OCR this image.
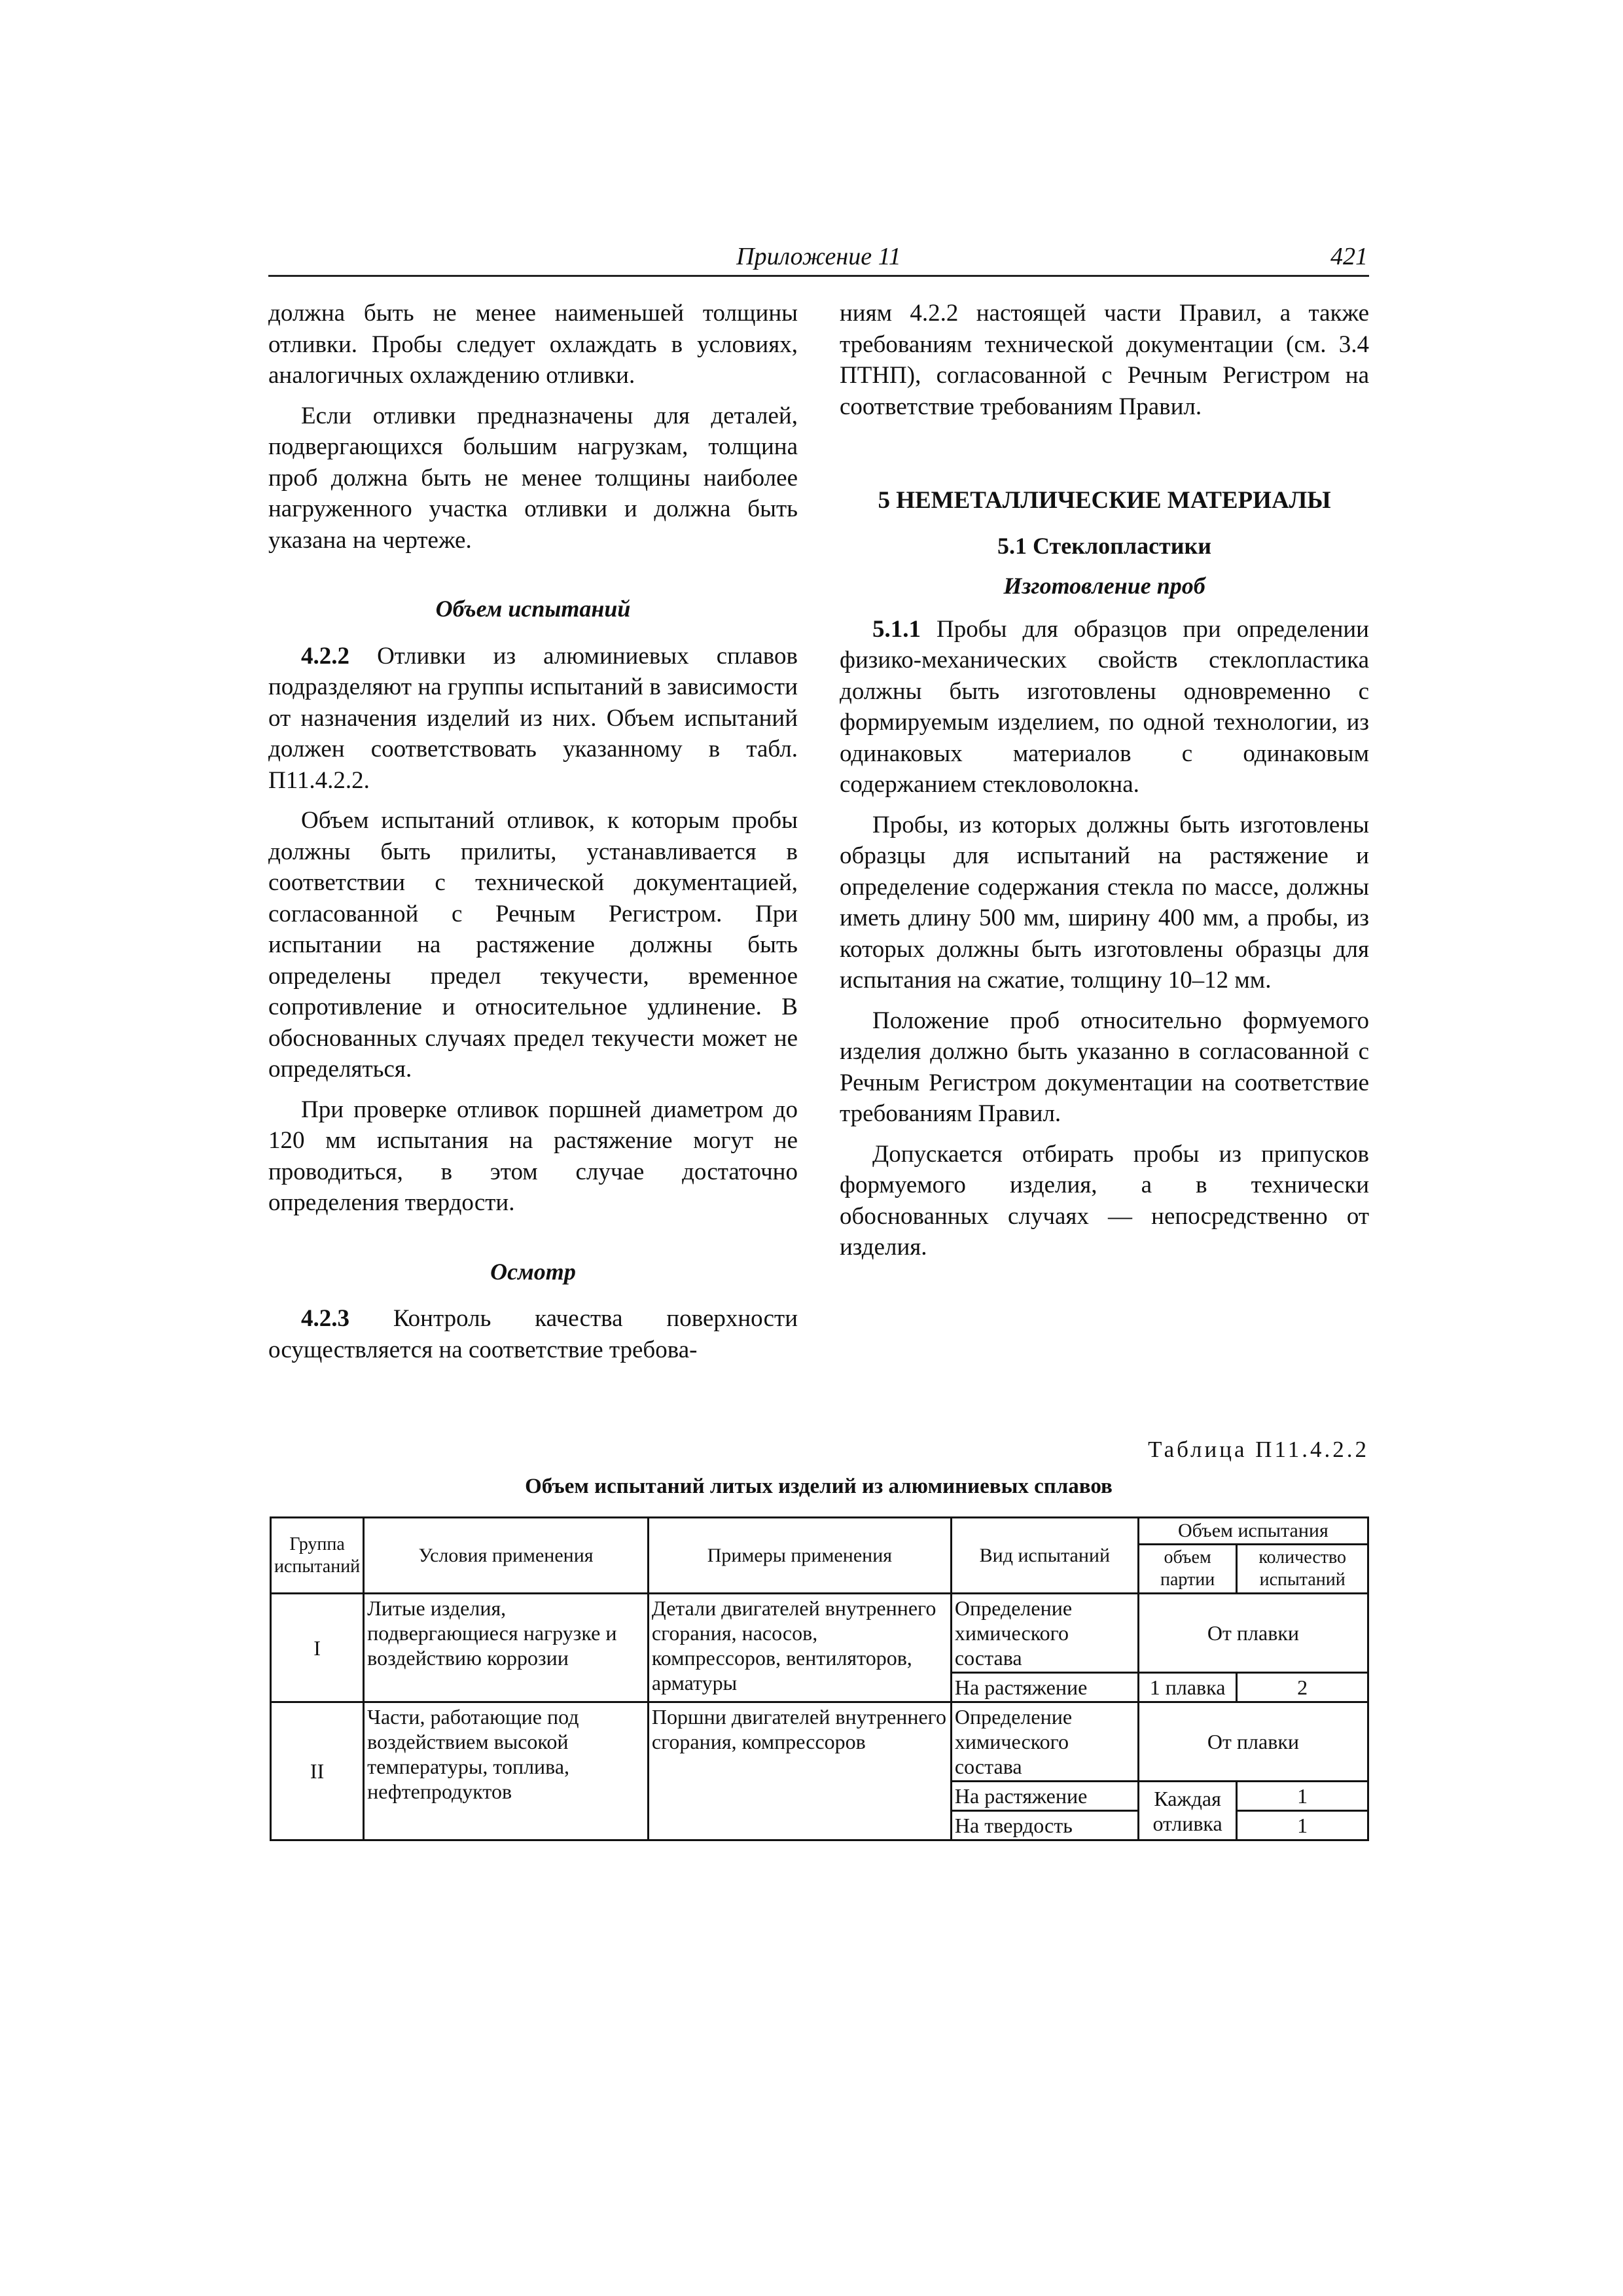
Приложение 11	421

должна быть не менее наименьшей толщины отливки. Пробы следует охлаждать в условиях, аналогичных охлаждению отливки.

Если отливки предназначены для деталей, подвергающихся большим нагрузкам, толщина проб должна быть не менее толщины наиболее нагруженного участка отливки и должна быть указана на чертеже.

Объем испытаний

4.2.2 Отливки из алюминиевых сплавов подразделяют на группы испытаний в зависимости от назначения изделий из них. Объем испытаний должен соответствовать указанному в табл. П11.4.2.2.

Объем испытаний отливок, к которым пробы должны быть прилиты, устанавливается в соответствии с технической документацией, согласованной с Речным Регистром. При испытании на растяжение должны быть определены предел текучести, временное сопротивление и относительное удлинение. В обоснованных случаях предел текучести может не определяться.

При проверке отливок поршней диаметром до 120 мм испытания на растяжение могут не проводиться, в этом случае достаточно определения твердости.

Осмотр

4.2.3 Контроль качества поверхности осуществляется на соответствие требова-

ниям 4.2.2 настоящей части Правил, а также требованиям технической документации (см. 3.4 ПТНП), согласованной с Речным Регистром на соответствие требованиям Правил.

5 НЕМЕТАЛЛИЧЕСКИЕ МАТЕРИАЛЫ
5.1 Стеклопластики
Изготовление проб

5.1.1 Пробы для образцов при определении физико-механических свойств стеклопластика должны быть изготовлены одновременно с формируемым изделием, по одной технологии, из одинаковых материалов с одинаковым содержанием стекловолокна.

Пробы, из которых должны быть изготовлены образцы для испытаний на растяжение и определение содержания стекла по массе, должны иметь длину 500 мм, ширину 400 мм, а пробы, из которых должны быть изготовлены образцы для испытания на сжатие, толщину 10–12 мм.

Положение проб относительно формуемого изделия должно быть указанно в согласованной с Речным Регистром документации на соответствие требованиям Правил.

Допускается отбирать пробы из припусков формуемого изделия, а в технически обоснованных случаях — непосредственно от изделия.

Таблица П11.4.2.2
Объем испытаний литых изделий из алюминиевых сплавов
Группа испытаний	Условия применения	Примеры применения	Вид испытаний	Объем испытания	
				объем партии	количество испытаний
I	Литые изделия, подвергающиеся нагрузке и воздействию коррозии	Детали двигателей внутреннего сгорания, насосов, компрессоров, вентиляторов, арматуры	Определение химического состава	От плавки	
			На растяжение	1 плавка	2
II	Части, работающие под воздействием высокой температуры, топлива, нефтепродуктов	Поршни двигателей внутреннего сгорания, компрессоров	Определение химического состава	От плавки	
			На растяжение	Каждая отливка	1
			На твердость		1
